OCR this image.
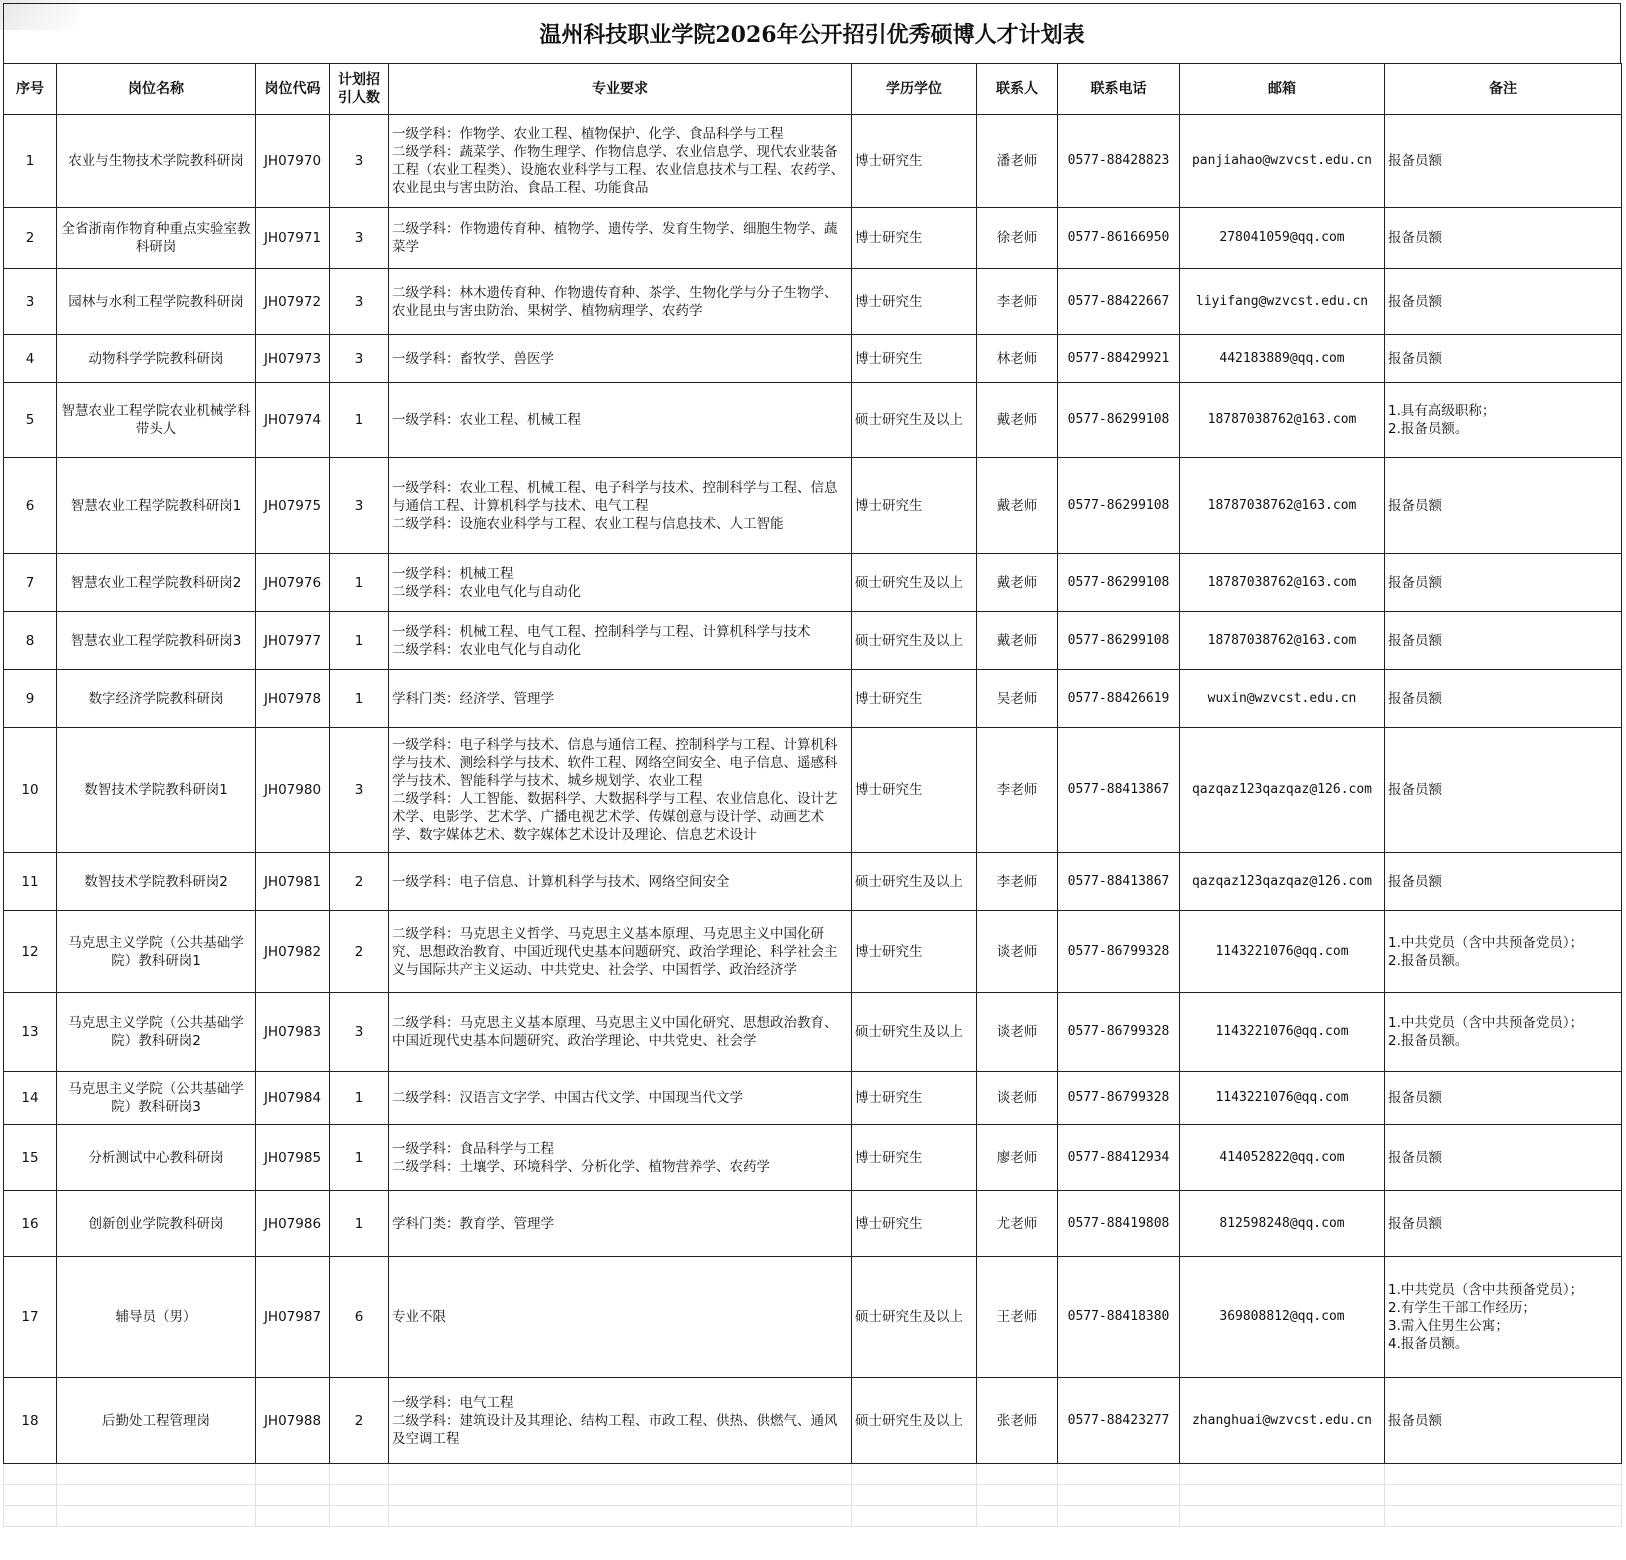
温州科技职业学院2026年公开招引优秀硕博人才计划表
序号	岗位名称	岗位代码	计划招引人数	专业要求	学历学位	联系人	联系电话	邮箱	备注
1	农业与生物技术学院教科研岗	JH07970	3	一级学科：作物学、农业工程、植物保护、化学、食品科学与工程
二级学科：蔬菜学、作物生理学、作物信息学、农业信息学、现代农业装备工程（农业工程类）、设施农业科学与工程、农业信息技术与工程、农药学、农业昆虫与害虫防治、食品工程、功能食品	博士研究生	潘老师	0577-88428823	panjiahao@wzvcst.edu.cn	报备员额
2	全省浙南作物育种重点实验室教科研岗	JH07971	3	二级学科：作物遗传育种、植物学、遗传学、发育生物学、细胞生物学、蔬菜学	博士研究生	徐老师	0577-86166950	278041059@qq.com	报备员额
3	园林与水利工程学院教科研岗	JH07972	3	二级学科：林木遗传育种、作物遗传育种、茶学、生物化学与分子生物学、农业昆虫与害虫防治、果树学、植物病理学、农药学	博士研究生	李老师	0577-88422667	liyifang@wzvcst.edu.cn	报备员额
4	动物科学学院教科研岗	JH07973	3	一级学科：畜牧学、兽医学	博士研究生	林老师	0577-88429921	442183889@qq.com	报备员额
5	智慧农业工程学院农业机械学科带头人	JH07974	1	一级学科：农业工程、机械工程	硕士研究生及以上	戴老师	0577-86299108	18787038762@163.com	1.具有高级职称；
2.报备员额。
6	智慧农业工程学院教科研岗1	JH07975	3	一级学科：农业工程、机械工程、电子科学与技术、控制科学与工程、信息与通信工程、计算机科学与技术、电气工程
二级学科：设施农业科学与工程、农业工程与信息技术、人工智能	博士研究生	戴老师	0577-86299108	18787038762@163.com	报备员额
7	智慧农业工程学院教科研岗2	JH07976	1	一级学科：机械工程
二级学科：农业电气化与自动化	硕士研究生及以上	戴老师	0577-86299108	18787038762@163.com	报备员额
8	智慧农业工程学院教科研岗3	JH07977	1	一级学科：机械工程、电气工程、控制科学与工程、计算机科学与技术
二级学科：农业电气化与自动化	硕士研究生及以上	戴老师	0577-86299108	18787038762@163.com	报备员额
9	数字经济学院教科研岗	JH07978	1	学科门类：经济学、管理学	博士研究生	吴老师	0577-88426619	wuxin@wzvcst.edu.cn	报备员额
10	数智技术学院教科研岗1	JH07980	3	一级学科：电子科学与技术、信息与通信工程、控制科学与工程、计算机科学与技术、测绘科学与技术、软件工程、网络空间安全、电子信息、遥感科学与技术、智能科学与技术、城乡规划学、农业工程
二级学科：人工智能、数据科学、大数据科学与工程、农业信息化、设计艺术学、电影学、艺术学、广播电视艺术学、传媒创意与设计学、动画艺术学、数字媒体艺术、数字媒体艺术设计及理论、信息艺术设计	博士研究生	李老师	0577-88413867	qazqaz123qazqaz@126.com	报备员额
11	数智技术学院教科研岗2	JH07981	2	一级学科：电子信息、计算机科学与技术、网络空间安全	硕士研究生及以上	李老师	0577-88413867	qazqaz123qazqaz@126.com	报备员额
12	马克思主义学院（公共基础学院）教科研岗1	JH07982	2	二级学科：马克思主义哲学、马克思主义基本原理、马克思主义中国化研究、思想政治教育、中国近现代史基本问题研究、政治学理论、科学社会主义与国际共产主义运动、中共党史、社会学、中国哲学、政治经济学	博士研究生	谈老师	0577-86799328	1143221076@qq.com	1.中共党员（含中共预备党员）；
2.报备员额。
13	马克思主义学院（公共基础学院）教科研岗2	JH07983	3	二级学科：马克思主义基本原理、马克思主义中国化研究、思想政治教育、中国近现代史基本问题研究、政治学理论、中共党史、社会学	硕士研究生及以上	谈老师	0577-86799328	1143221076@qq.com	1.中共党员（含中共预备党员）；
2.报备员额。
14	马克思主义学院（公共基础学院）教科研岗3	JH07984	1	二级学科：汉语言文字学、中国古代文学、中国现当代文学	博士研究生	谈老师	0577-86799328	1143221076@qq.com	报备员额
15	分析测试中心教科研岗	JH07985	1	一级学科：食品科学与工程
二级学科：土壤学、环境科学、分析化学、植物营养学、农药学	博士研究生	廖老师	0577-88412934	414052822@qq.com	报备员额
16	创新创业学院教科研岗	JH07986	1	学科门类：教育学、管理学	博士研究生	尤老师	0577-88419808	812598248@qq.com	报备员额
17	辅导员（男）	JH07987	6	专业不限	硕士研究生及以上	王老师	0577-88418380	369808812@qq.com	1.中共党员（含中共预备党员）；
2.有学生干部工作经历；
3.需入住男生公寓；
4.报备员额。
18	后勤处工程管理岗	JH07988	2	一级学科：电气工程
二级学科：建筑设计及其理论、结构工程、市政工程、供热、供燃气、通风及空调工程	硕士研究生及以上	张老师	0577-88423277	zhanghuai@wzvcst.edu.cn	报备员额
